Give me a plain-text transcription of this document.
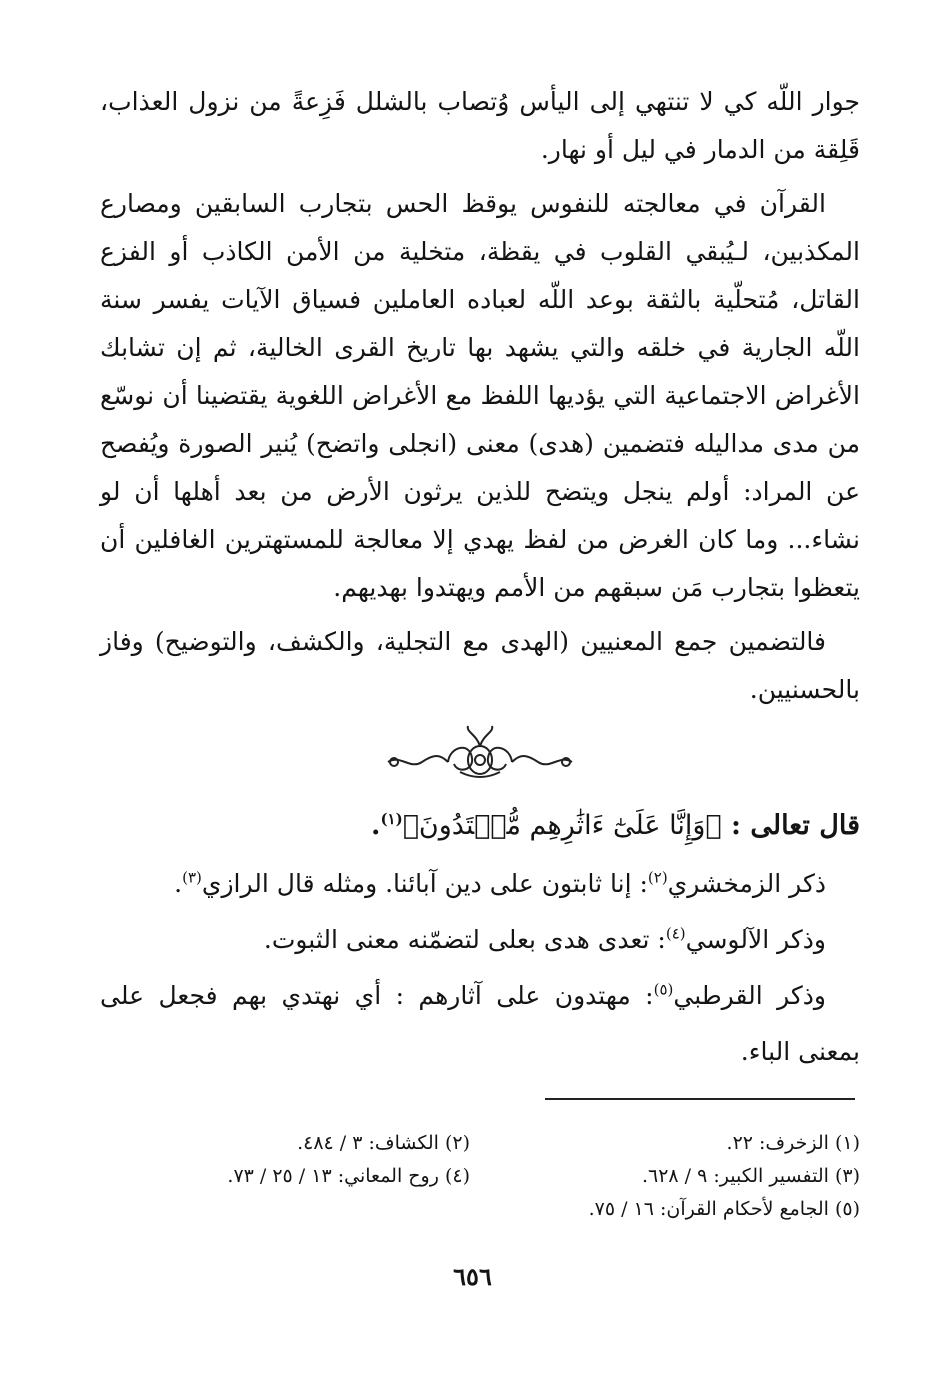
جوار اللّه كي لا تنتهي إلى اليأس وُتصاب بالشلل فَزِعةً من نزول العذاب، قَلِقة من الدمار في ليل أو نهار.

القرآن في معالجته للنفوس يوقظ الحس بتجارب السابقين ومصارع المكذبين، لـيُبقي القلوب في يقظة، متخلية من الأمن الكاذب أو الفزع القاتل، مُتحلّية بالثقة بوعد اللّه لعباده العاملين فسياق الآيات يفسر سنة اللّه الجارية في خلقه والتي يشهد بها تاريخ القرى الخالية، ثم إن تشابك الأغراض الاجتماعية التي يؤديها اللفظ مع الأغراض اللغوية يقتضينا أن نوسّع من مدى مداليله فتضمين (هدى) معنى (انجلى واتضح) يُنير الصورة ويُفصح عن المراد: أولم ينجل ويتضح للذين يرثون الأرض من بعد أهلها أن لو نشاء... وما كان الغرض من لفظ يهدي إلا معالجة للمستهترين الغافلين أن يتعظوا بتجارب مَن سبقهم من الأمم ويهتدوا بهديهم.

فالتضمين جمع المعنيين (الهدى مع التجلية، والكشف، والتوضيح) وفاز بالحسنيين.

قال تعالى : ﴿وَإِنَّا عَلَىٰٓ ءَاثَٰرِهِم مُّهۡتَدُونَ﴾$^{(١)}$.

ذكر الزمخشري$^{(٢)}$: إنا ثابتون على دين آبائنا. ومثله قال الرازي$^{(٣)}$.

وذكر الآلوسي$^{(٤)}$: تعدى هدى بعلى لتضمّنه معنى الثبوت.

وذكر القرطبي$^{(٥)}$: مهتدون على آثارهم : أي نهتدي بهم فجعل على بمعنى الباء.

(١) الزخرف: ٢٢.
(٢) الكشاف: ٣ / ٤٨٤.
(٣) التفسير الكبير: ٩ / ٦٢٨.
(٤) روح المعاني: ١٣ / ٢٥ / ٧٣.
(٥) الجامع لأحكام القرآن: ١٦ / ٧٥.
٦٥٦
